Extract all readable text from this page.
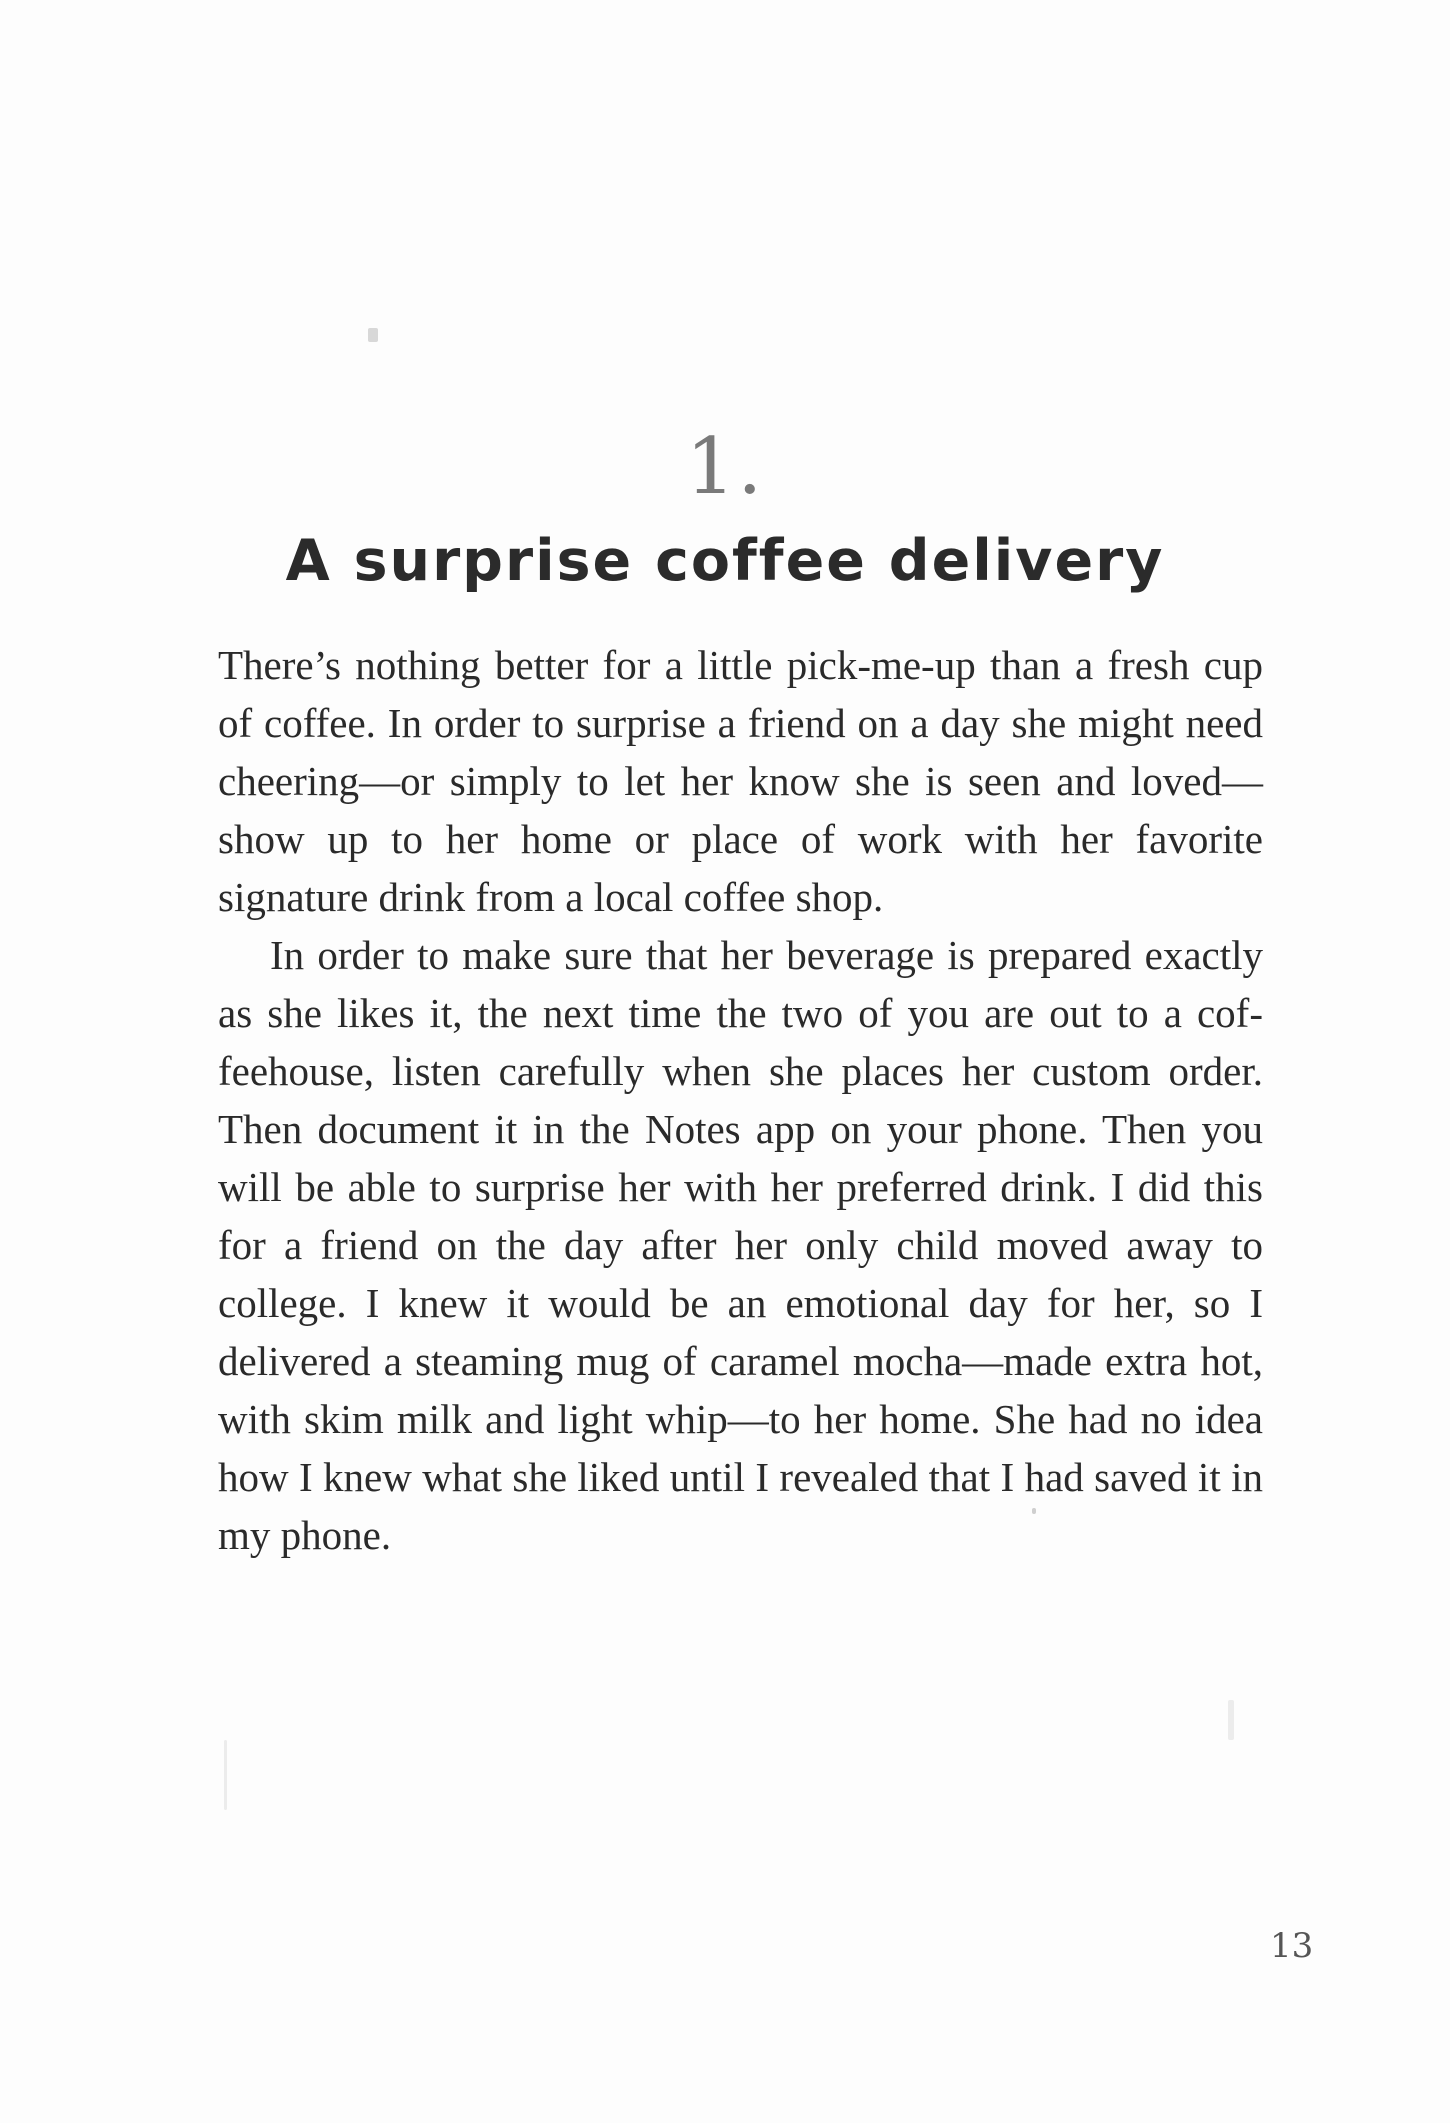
1.
A surprise coffee delivery

There’s nothing better for a little pick-me-up than a fresh cup of coffee. In order to surprise a friend on a day she might need cheering—or simply to let her know she is seen and loved—show up to her home or place of work with her favorite signature drink from a local coffee shop.

In order to make sure that her beverage is prepared exactly as she likes it, the next time the two of you are out to a coffeehouse, listen carefully when she places her custom order. Then document it in the Notes app on your phone. Then you will be able to surprise her with her preferred drink. I did this for a friend on the day after her only child moved away to college. I knew it would be an emotional day for her, so I delivered a steaming mug of caramel mocha—made extra hot, with skim milk and light whip—to her home. She had no idea how I knew what she liked until I revealed that I had saved it in my phone.

13
